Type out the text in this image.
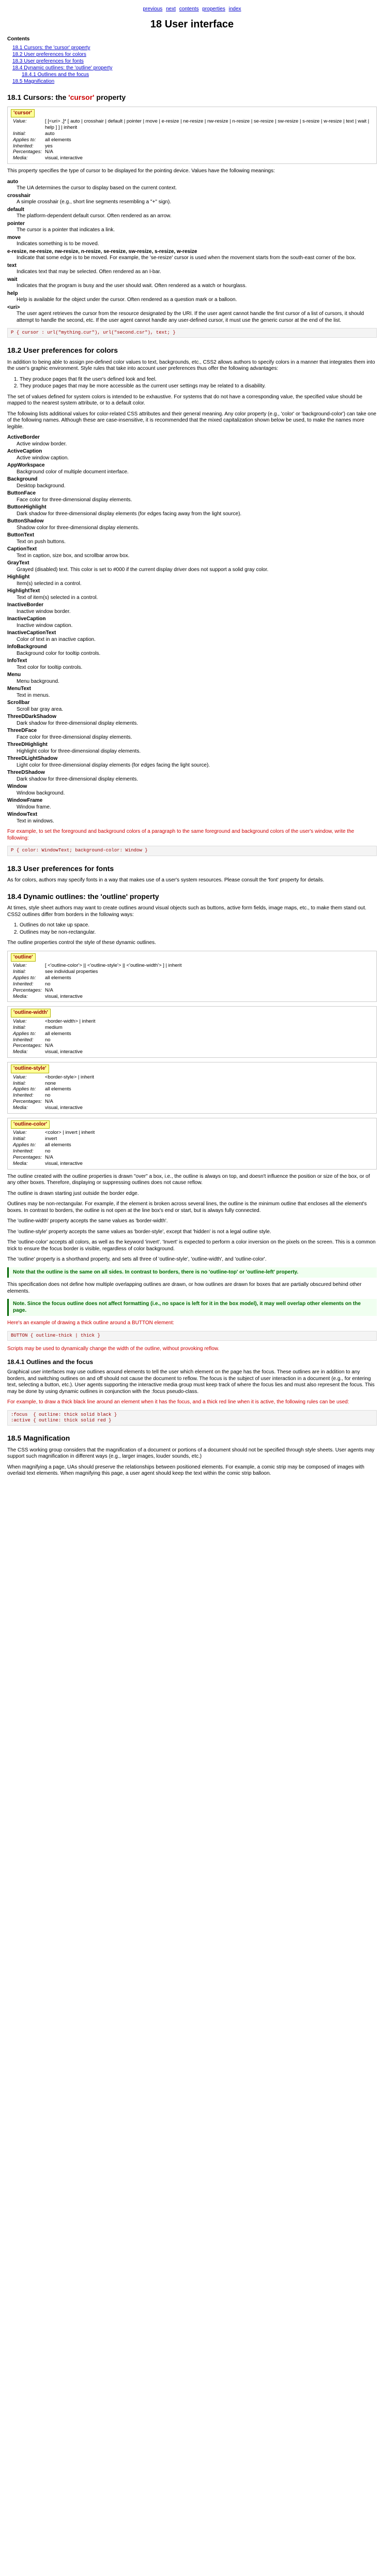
previous next contents properties index
18 User interface
Contents
18.1 Cursors: the 'cursor' property
18.2 User preferences for colors
18.3 User preferences for fonts
18.4 Dynamic outlines: the 'outline' property
18.4.1 Outlines and the focus
18.5 Magnification
18.1 Cursors: the 'cursor' property
'cursor'
Value:	[ [<uri> ,]* [ auto | crosshair | default | pointer | move | e-resize | ne-resize | nw-resize | n-resize | se-resize | sw-resize | s-resize | w-resize | text | wait | help ] ] | inherit
Initial:	auto
Applies to:	all elements
Inherited:	yes
Percentages:	N/A
Media:	visual, interactive

This property specifies the type of cursor to be displayed for the pointing device. Values have the following meanings:

auto
The UA determines the cursor to display based on the current context.
crosshair
A simple crosshair (e.g., short line segments resembling a "+" sign).
default
The platform-dependent default cursor. Often rendered as an arrow.
pointer
The cursor is a pointer that indicates a link.
move
Indicates something is to be moved.
e-resize, ne-resize, nw-resize, n-resize, se-resize, sw-resize, s-resize, w-resize
Indicate that some edge is to be moved. For example, the 'se-resize' cursor is used when the movement starts from the south-east corner of the box.
text
Indicates text that may be selected. Often rendered as an I-bar.
wait
Indicates that the program is busy and the user should wait. Often rendered as a watch or hourglass.
help
Help is available for the object under the cursor. Often rendered as a question mark or a balloon.
<uri>
The user agent retrieves the cursor from the resource designated by the URI. If the user agent cannot handle the first cursor of a list of cursors, it should attempt to handle the second, etc. If the user agent cannot handle any user-defined cursor, it must use the generic cursor at the end of the list.
P { cursor : url("mything.cur"), url("second.csr"), text; }
18.2 User preferences for colors

In addition to being able to assign pre-defined color values to text, backgrounds, etc., CSS2 allows authors to specify colors in a manner that integrates them into the user's graphic environment. Style rules that take into account user preferences thus offer the following advantages:

1. They produce pages that fit the user's defined look and feel.
2. They produce pages that may be more accessible as the current user settings may be related to a disability.

The set of values defined for system colors is intended to be exhaustive. For systems that do not have a corresponding value, the specified value should be mapped to the nearest system attribute, or to a default color.

The following lists additional values for color-related CSS attributes and their general meaning. Any color property (e.g., 'color' or 'background-color') can take one of the following names. Although these are case-insensitive, it is recommended that the mixed capitalization shown below be used, to make the names more legible.

ActiveBorder
Active window border.
ActiveCaption
Active window caption.
AppWorkspace
Background color of multiple document interface.
Background
Desktop background.
ButtonFace
Face color for three-dimensional display elements.
ButtonHighlight
Dark shadow for three-dimensional display elements (for edges facing away from the light source).
ButtonShadow
Shadow color for three-dimensional display elements.
ButtonText
Text on push buttons.
CaptionText
Text in caption, size box, and scrollbar arrow box.
GrayText
Grayed (disabled) text. This color is set to #000 if the current display driver does not support a solid gray color.
Highlight
Item(s) selected in a control.
HighlightText
Text of item(s) selected in a control.
InactiveBorder
Inactive window border.
InactiveCaption
Inactive window caption.
InactiveCaptionText
Color of text in an inactive caption.
InfoBackground
Background color for tooltip controls.
InfoText
Text color for tooltip controls.
Menu
Menu background.
MenuText
Text in menus.
Scrollbar
Scroll bar gray area.
ThreeDDarkShadow
Dark shadow for three-dimensional display elements.
ThreeDFace
Face color for three-dimensional display elements.
ThreeDHighlight
Highlight color for three-dimensional display elements.
ThreeDLightShadow
Light color for three-dimensional display elements (for edges facing the light source).
ThreeDShadow
Dark shadow for three-dimensional display elements.
Window
Window background.
WindowFrame
Window frame.
WindowText
Text in windows.

For example, to set the foreground and background colors of a paragraph to the same foreground and background colors of the user's window, write the following:

P { color: WindowText; background-color: Window }
18.3 User preferences for fonts

As for colors, authors may specify fonts in a way that makes use of a user's system resources. Please consult the 'font' property for details.

18.4 Dynamic outlines: the 'outline' property

At times, style sheet authors may want to create outlines around visual objects such as buttons, active form fields, image maps, etc., to make them stand out. CSS2 outlines differ from borders in the following ways:

1. Outlines do not take up space.
2. Outlines may be non-rectangular.

The outline properties control the style of these dynamic outlines.

'outline'
Value:	[ <'outline-color'> || <'outline-style'> || <'outline-width'> ] | inherit
Initial:	see individual properties
Applies to:	all elements
Inherited:	no
Percentages:	N/A
Media:	visual, interactive
'outline-width'
Value:	<border-width> | inherit
Initial:	medium
Applies to:	all elements
Inherited:	no
Percentages:	N/A
Media:	visual, interactive
'outline-style'
Value:	<border-style> | inherit
Initial:	none
Applies to:	all elements
Inherited:	no
Percentages:	N/A
Media:	visual, interactive
'outline-color'
Value:	<color> | invert | inherit
Initial:	invert
Applies to:	all elements
Inherited:	no
Percentages:	N/A
Media:	visual, interactive

The outline created with the outline properties is drawn "over" a box, i.e., the outline is always on top, and doesn't influence the position or size of the box, or of any other boxes. Therefore, displaying or suppressing outlines does not cause reflow.

The outline is drawn starting just outside the border edge.

Outlines may be non-rectangular. For example, if the element is broken across several lines, the outline is the minimum outline that encloses all the element's boxes. In contrast to borders, the outline is not open at the line box's end or start, but is always fully connected.

The 'outline-width' property accepts the same values as 'border-width'.

The 'outline-style' property accepts the same values as 'border-style', except that 'hidden' is not a legal outline style.

The 'outline-color' accepts all colors, as well as the keyword 'invert'. 'Invert' is expected to perform a color inversion on the pixels on the screen. This is a common trick to ensure the focus border is visible, regardless of color background.

The 'outline' property is a shorthand property, and sets all three of 'outline-style', 'outline-width', and 'outline-color'.

Note that the outline is the same on all sides. In contrast to borders, there is no 'outline-top' or 'outline-left' property.

This specification does not define how multiple overlapping outlines are drawn, or how outlines are drawn for boxes that are partially obscured behind other elements.

Note. Since the focus outline does not affect formatting (i.e., no space is left for it in the box model), it may well overlap other elements on the page.

Here's an example of drawing a thick outline around a BUTTON element:

BUTTON { outline-thick | thick }

Scripts may be used to dynamically change the width of the outline, without provoking reflow.

18.4.1 Outlines and the focus

Graphical user interfaces may use outlines around elements to tell the user which element on the page has the focus. These outlines are in addition to any borders, and switching outlines on and off should not cause the document to reflow. The focus is the subject of user interaction in a document (e.g., for entering text, selecting a button, etc.). User agents supporting the interactive media group must keep track of where the focus lies and must also represent the focus. This may be done by using dynamic outlines in conjunction with the :focus pseudo-class.

For example, to draw a thick black line around an element when it has the focus, and a thick red line when it is active, the following rules can be used:

:focus  { outline: thick solid black }
:active { outline: thick solid red }
18.5 Magnification

The CSS working group considers that the magnification of a document or portions of a document should not be specified through style sheets. User agents may support such magnification in different ways (e.g., larger images, louder sounds, etc.)

When magnifying a page, UAs should preserve the relationships between positioned elements. For example, a comic strip may be composed of images with overlaid text elements. When magnifying this page, a user agent should keep the text within the comic strip balloon.
